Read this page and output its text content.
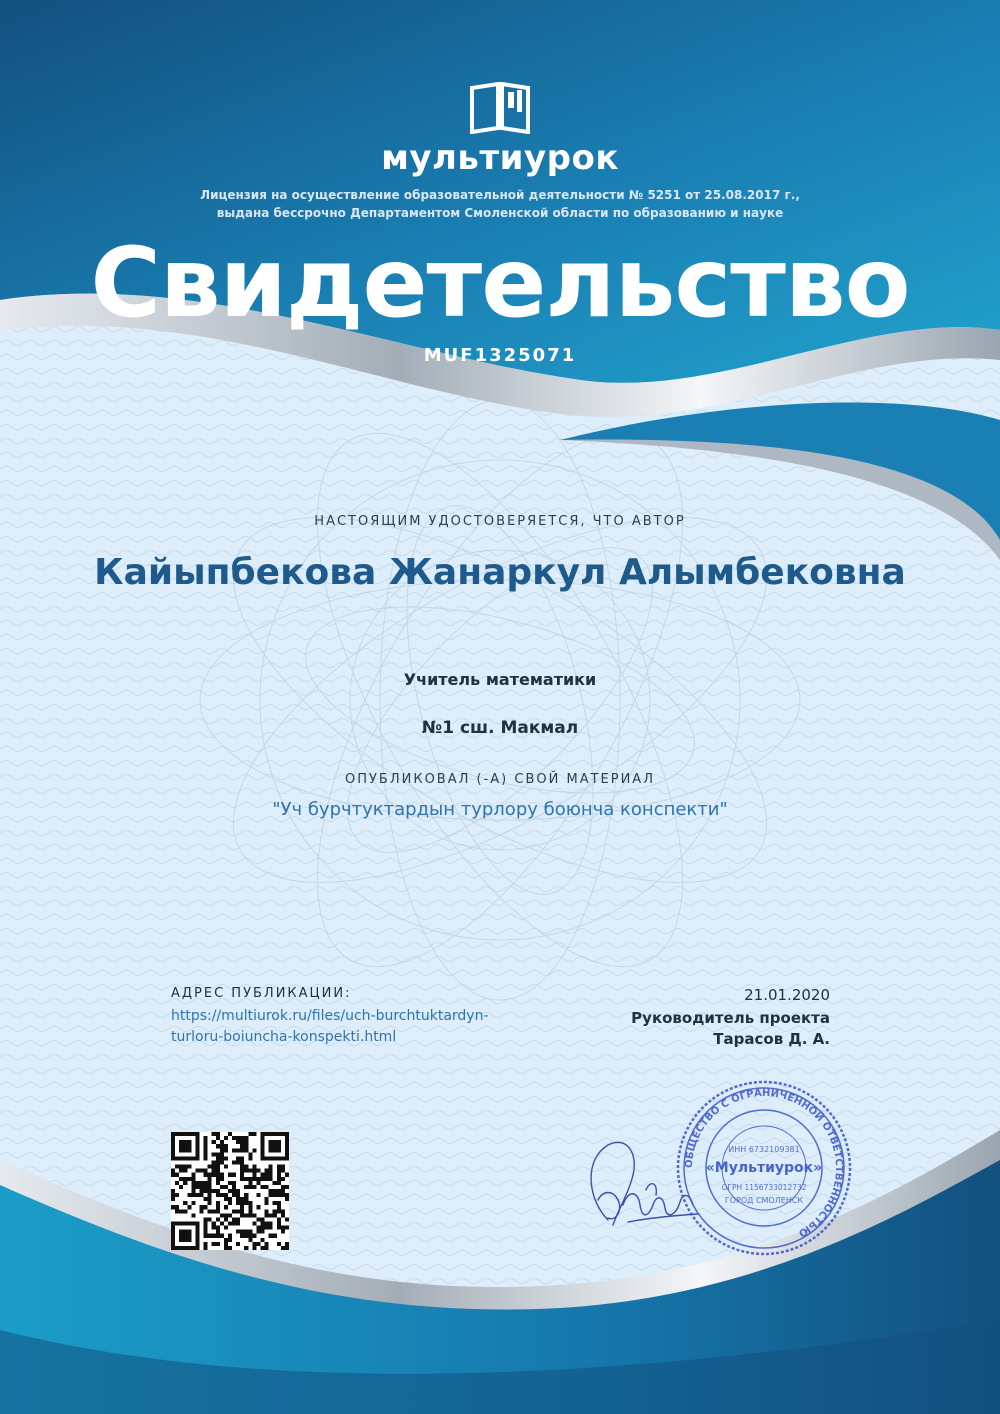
мультиурок
Лицензия на осуществление образовательной деятельности № 5251 от 25.08.2017 г.,
выдана бессрочно Департаментом Смоленской области по образованию и науке
Свидетельство
MUF1325071
НАСТОЯЩИМ УДОСТОВЕРЯЕТСЯ, ЧТО АВТОР
Кайыпбекова Жанаркул Алымбековна
Учитель математики
№1 сш. Макмал
ОПУБЛИКОВАЛ (-А) СВОЙ МАТЕРИАЛ
"Уч бурчтуктардын турлору боюнча конспекти"
АДРЕС ПУБЛИКАЦИИ:
https://multiurok.ru/files/uch-burchtuktardyn-
turloru-boiuncha-konspekti.html
21.01.2020
Руководитель проекта
Тарасов Д. А.
ОБЩЕСТВО С ОГРАНИЧЕННОЙ ОТВЕТСТВЕННОСТЬЮ
ИНН 6732109381
«Мультиурок»
ОГРН 1156733012732
ГОРОД СМОЛЕНСК
